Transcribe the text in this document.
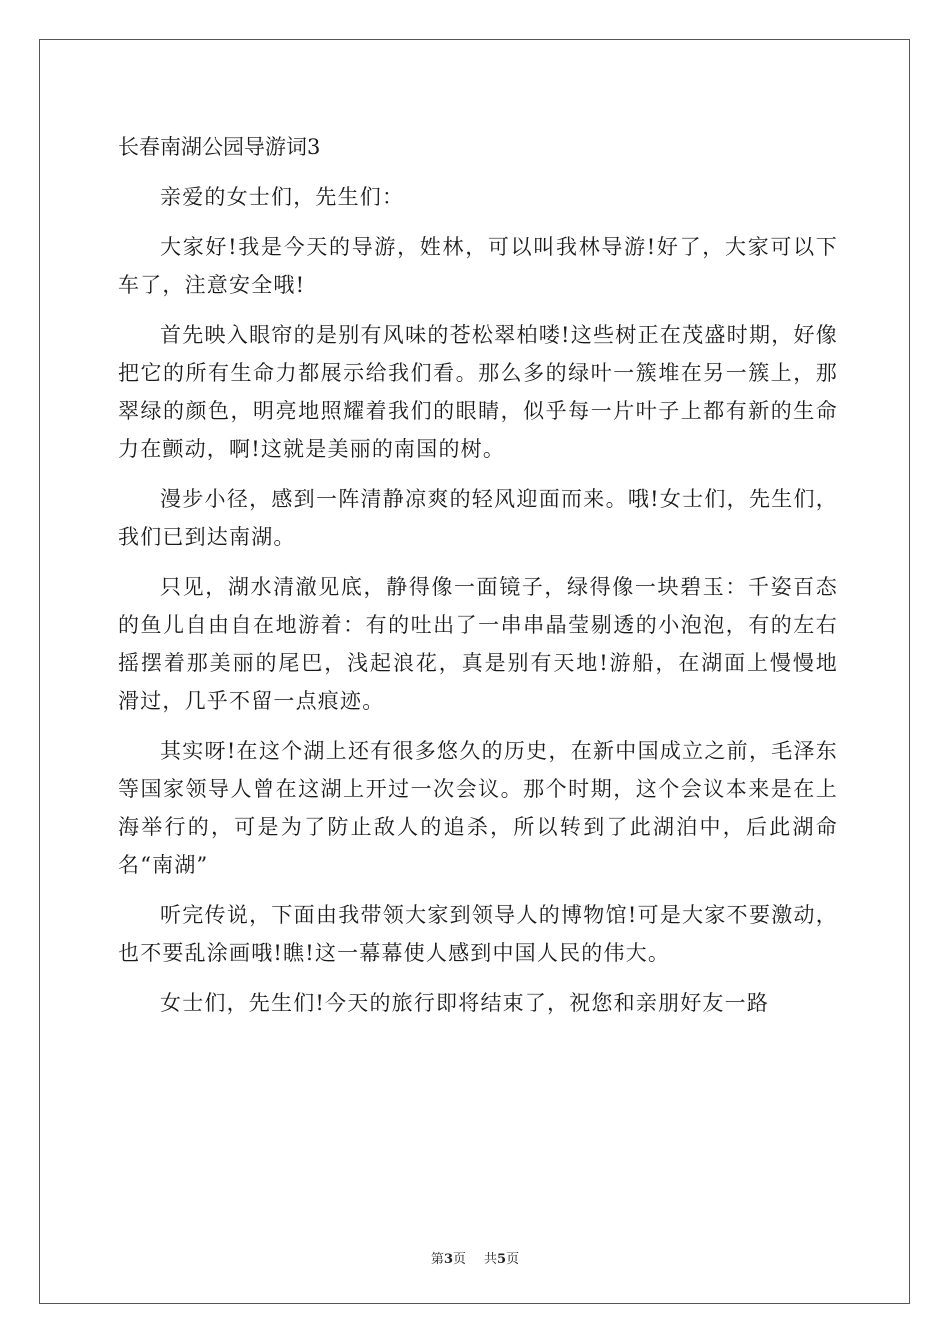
长春南湖公园导游词3

亲爱的女士们，先生们：

大家好!我是今天的导游，姓林，可以叫我林导游!好了，大家可以下车了，注意安全哦!

首先映入眼帘的是别有风味的苍松翠柏喽!这些树正在茂盛时期，好像把它的所有生命力都展示给我们看。那么多的绿叶一簇堆在另一簇上，那翠绿的颜色，明亮地照耀着我们的眼睛，似乎每一片叶子上都有新的生命力在颤动，啊!这就是美丽的南国的树。

漫步小径，感到一阵清静凉爽的轻风迎面而来。哦!女士们，先生们，我们已到达南湖。

只见，湖水清澈见底，静得像一面镜子，绿得像一块碧玉：千姿百态的鱼儿自由自在地游着：有的吐出了一串串晶莹剔透的小泡泡，有的左右摇摆着那美丽的尾巴，浅起浪花，真是别有天地!游船，在湖面上慢慢地滑过，几乎不留一点痕迹。

其实呀!在这个湖上还有很多悠久的历史，在新中国成立之前，毛泽东等国家领导人曾在这湖上开过一次会议。那个时期，这个会议本来是在上海举行的，可是为了防止敌人的追杀，所以转到了此湖泊中，后此湖命名“南湖”

听完传说，下面由我带领大家到领导人的博物馆!可是大家不要激动，也不要乱涂画哦!瞧!这一幕幕使人感到中国人民的伟大。

女士们，先生们!今天的旅行即将结束了，祝您和亲朋好友一路

第3页 共5页
